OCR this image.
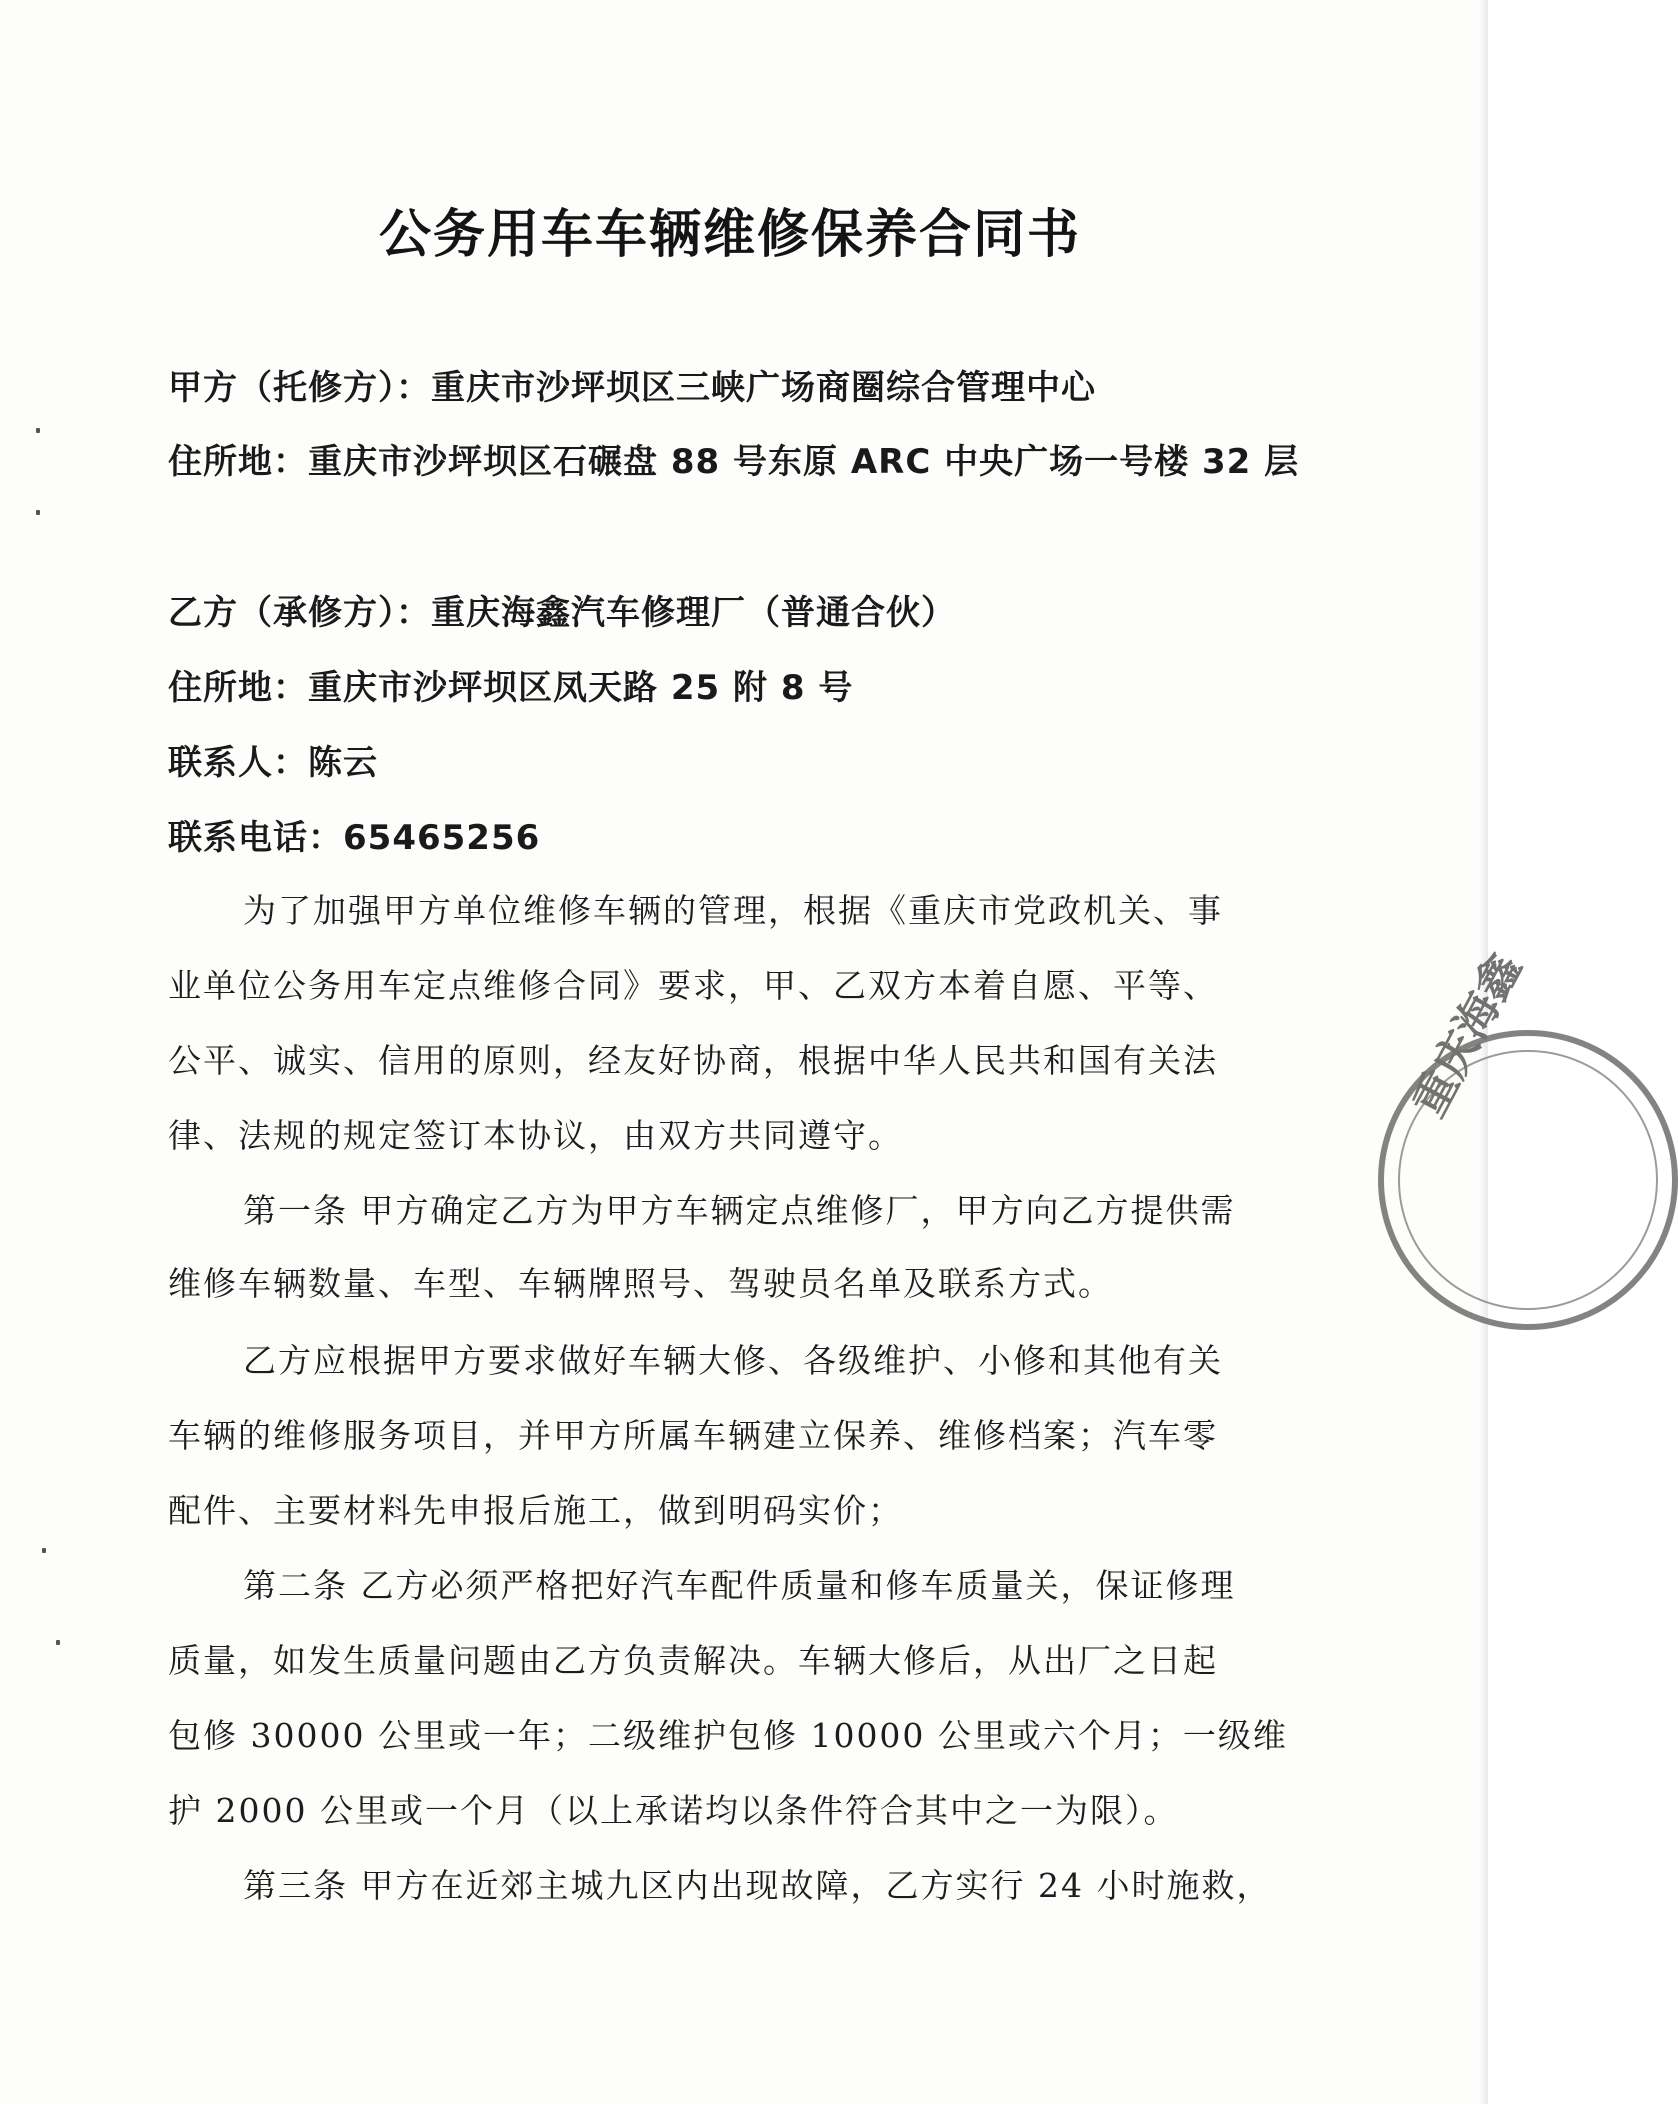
公务用车车辆维修保养合同书
甲方（托修方）：重庆市沙坪坝区三峡广场商圈综合管理中心
住所地：重庆市沙坪坝区石碾盘 88 号东原 ARC 中央广场一号楼 32 层
乙方（承修方）：重庆海鑫汽车修理厂（普通合伙）
住所地：重庆市沙坪坝区凤天路 25 附 8 号
联系人：陈云
联系电话：65465256
为了加强甲方单位维修车辆的管理，根据《重庆市党政机关、事
业单位公务用车定点维修合同》要求，甲、乙双方本着自愿、平等、
公平、诚实、信用的原则，经友好协商，根据中华人民共和国有关法
律、法规的规定签订本协议，由双方共同遵守。
第一条 甲方确定乙方为甲方车辆定点维修厂，甲方向乙方提供需
维修车辆数量、车型、车辆牌照号、驾驶员名单及联系方式。
乙方应根据甲方要求做好车辆大修、各级维护、小修和其他有关
车辆的维修服务项目，并甲方所属车辆建立保养、维修档案；汽车零
配件、主要材料先申报后施工，做到明码实价；
第二条 乙方必须严格把好汽车配件质量和修车质量关，保证修理
质量，如发生质量问题由乙方负责解决。车辆大修后，从出厂之日起
包修 30000 公里或一年；二级维护包修 10000 公里或六个月；一级维
护 2000 公里或一个月（以上承诺均以条件符合其中之一为限）。
第三条 甲方在近郊主城九区内出现故障，乙方实行 24 小时施救，
重庆海鑫
